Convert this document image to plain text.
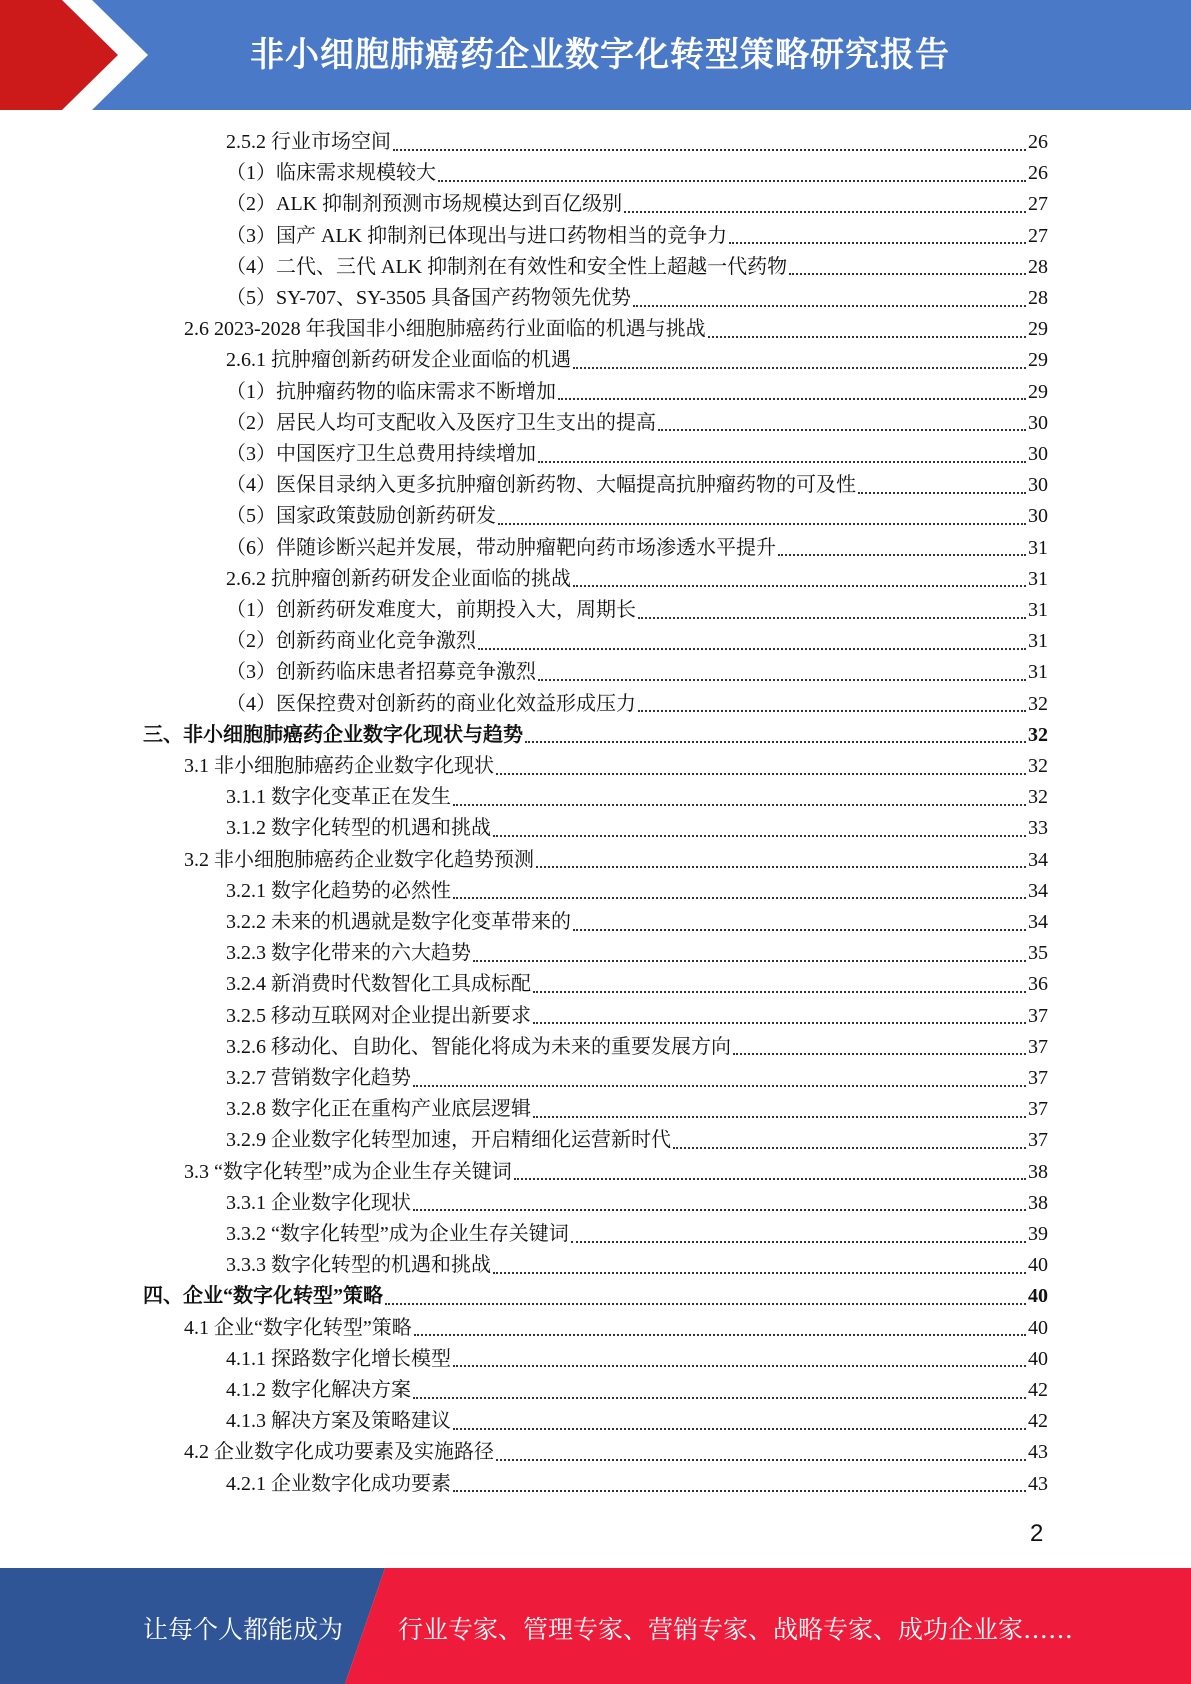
非小细胞肺癌药企业数字化转型策略研究报告
2.5.2 行业市场空间	26
（1）临床需求规模较大	26
（2）ALK 抑制剂预测市场规模达到百亿级别	27
（3）国产 ALK 抑制剂已体现出与进口药物相当的竞争力	27
（4）二代、三代 ALK 抑制剂在有效性和安全性上超越一代药物	28
（5）SY-707、SY-3505 具备国产药物领先优势	28
2.6 2023-2028 年我国非小细胞肺癌药行业面临的机遇与挑战	29
2.6.1 抗肿瘤创新药研发企业面临的机遇	29
（1）抗肿瘤药物的临床需求不断增加	29
（2）居民人均可支配收入及医疗卫生支出的提高	30
（3）中国医疗卫生总费用持续增加	30
（4）医保目录纳入更多抗肿瘤创新药物、大幅提高抗肿瘤药物的可及性	30
（5）国家政策鼓励创新药研发	30
（6）伴随诊断兴起并发展，带动肿瘤靶向药市场渗透水平提升	31
2.6.2 抗肿瘤创新药研发企业面临的挑战	31
（1）创新药研发难度大，前期投入大，周期长	31
（2）创新药商业化竞争激烈	31
（3）创新药临床患者招募竞争激烈	31
（4）医保控费对创新药的商业化效益形成压力	32
三、非小细胞肺癌药企业数字化现状与趋势	32
3.1 非小细胞肺癌药企业数字化现状	32
3.1.1 数字化变革正在发生	32
3.1.2 数字化转型的机遇和挑战	33
3.2 非小细胞肺癌药企业数字化趋势预测	34
3.2.1 数字化趋势的必然性	34
3.2.2 未来的机遇就是数字化变革带来的	34
3.2.3 数字化带来的六大趋势	35
3.2.4 新消费时代数智化工具成标配	36
3.2.5 移动互联网对企业提出新要求	37
3.2.6 移动化、自助化、智能化将成为未来的重要发展方向	37
3.2.7 营销数字化趋势	37
3.2.8 数字化正在重构产业底层逻辑	37
3.2.9 企业数字化转型加速，开启精细化运营新时代	37
3.3 “数字化转型”成为企业生存关键词	38
3.3.1 企业数字化现状	38
3.3.2 “数字化转型”成为企业生存关键词	39
3.3.3 数字化转型的机遇和挑战	40
四、企业“数字化转型”策略	40
4.1 企业“数字化转型”策略	40
4.1.1 探路数字化增长模型	40
4.1.2 数字化解决方案	42
4.1.3 解决方案及策略建议	42
4.2 企业数字化成功要素及实施路径	43
4.2.1 企业数字化成功要素	43
2
让每个人都能成为 行业专家、管理专家、营销专家、战略专家、成功企业家……
